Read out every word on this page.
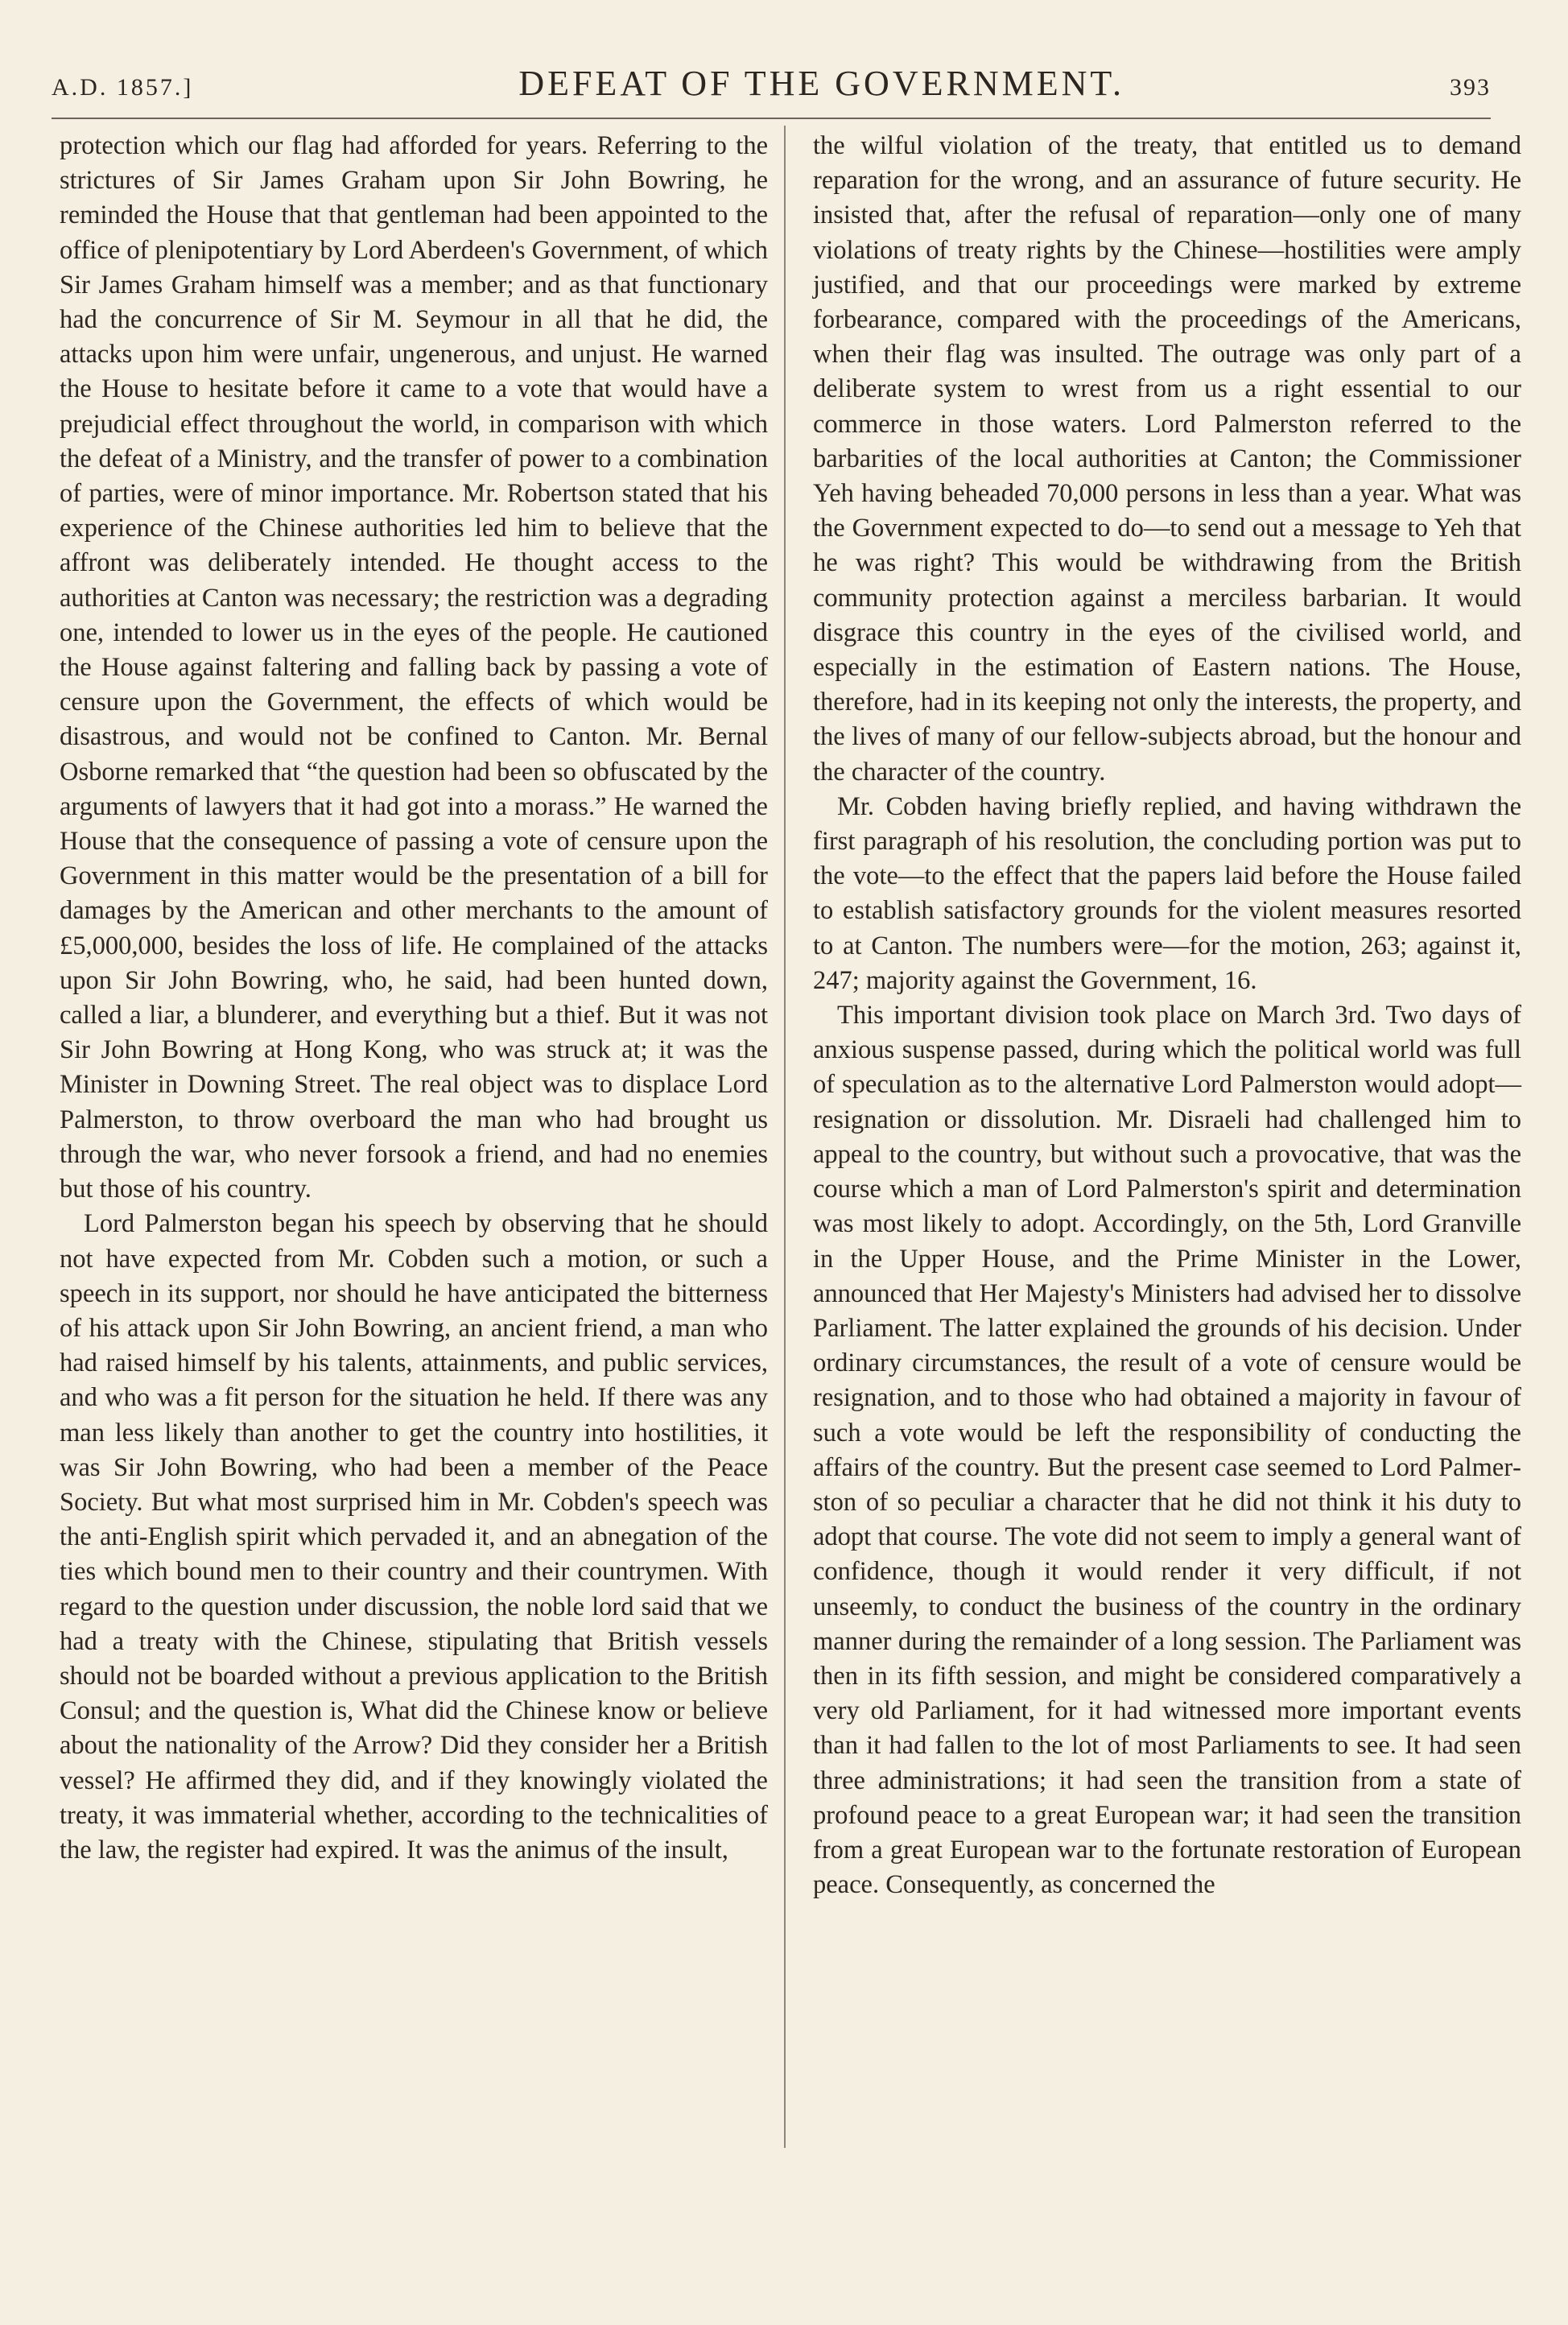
A.D. 1857.]	DEFEAT OF THE GOVERNMENT.	393

protection which our flag had afforded for years. Referring to the strictures of Sir James Graham upon Sir John Bowring, he reminded the House that that gentleman had been appointed to the office of plenipotentiary by Lord Aberdeen's Government, of which Sir James Graham himself was a member; and as that functionary had the concurrence of Sir M. Seymour in all that he did, the attacks upon him were unfair, ungenerous, and unjust. He warned the House to hesitate before it came to a vote that would have a prejudicial effect throughout the world, in comparison with which the defeat of a Ministry, and the transfer of power to a combination of parties, were of minor importance. Mr. Robertson stated that his experience of the Chinese authorities led him to believe that the affront was deliberately intended. He thought access to the authorities at Canton was necessary; the restriction was a degrading one, intended to lower us in the eyes of the people. He cautioned the House against faltering and falling back by passing a vote of censure upon the Government, the effects of which would be disastrous, and would not be confined to Canton. Mr. Bernal Osborne remarked that “the question had been so obfuscated by the arguments of lawyers that it had got into a morass.” He warned the House that the consequence of passing a vote of censure upon the Government in this matter would be the presentation of a bill for damages by the American and other merchants to the amount of £5,000,000, besides the loss of life. He complained of the attacks upon Sir John Bowring, who, he said, had been hunted down, called a liar, a blunderer, and everything but a thief. But it was not Sir John Bowring at Hong Kong, who was struck at; it was the Minister in Downing Street. The real object was to displace Lord Palmerston, to throw overboard the man who had brought us through the war, who never forsook a friend, and had no enemies but those of his country.

Lord Palmerston began his speech by observing that he should not have expected from Mr. Cobden such a motion, or such a speech in its support, nor should he have anticipated the bitterness of his attack upon Sir John Bowring, an ancient friend, a man who had raised himself by his talents, attainments, and public services, and who was a fit person for the situation he held. If there was any man less likely than another to get the country into hostilities, it was Sir John Bowring, who had been a member of the Peace Society. But what most surprised him in Mr. Cobden's speech was the anti-English spirit which pervaded it, and an abnegation of the ties which bound men to their country and their countrymen. With regard to the question under discussion, the noble lord said that we had a treaty with the Chinese, stipulating that British vessels should not be boarded without a previous application to the British Consul; and the question is, What did the Chinese know or believe about the nationality of the Arrow? Did they consider her a British vessel? He affirmed they did, and if they knowingly violated the treaty, it was immaterial whether, according to the technicalities of the law, the register had expired. It was the animus of the insult,

the wilful violation of the treaty, that entitled us to demand reparation for the wrong, and an assurance of future security. He insisted that, after the refusal of reparation—only one of many violations of treaty rights by the Chinese—hostilities were amply justified, and that our proceedings were marked by extreme forbearance, compared with the proceedings of the Americans, when their flag was insulted. The outrage was only part of a deliberate system to wrest from us a right essential to our commerce in those waters. Lord Palmerston referred to the barbarities of the local authorities at Canton; the Commissioner Yeh having beheaded 70,000 persons in less than a year. What was the Government expected to do—to send out a message to Yeh that he was right? This would be withdrawing from the British community protection against a merciless barbarian. It would disgrace this country in the eyes of the civilised world, and especially in the estimation of Eastern nations. The House, therefore, had in its keeping not only the interests, the property, and the lives of many of our fellow-subjects abroad, but the honour and the character of the country.

Mr. Cobden having briefly replied, and having withdrawn the first paragraph of his resolution, the concluding portion was put to the vote—to the effect that the papers laid before the House failed to establish satisfactory grounds for the violent measures resorted to at Canton. The numbers were—for the motion, 263; against it, 247; majority against the Government, 16.

This important division took place on March 3rd. Two days of anxious suspense passed, during which the political world was full of speculation as to the alternative Lord Palmerston would adopt—resignation or dissolution. Mr. Disraeli had challenged him to appeal to the country, but without such a provocative, that was the course which a man of Lord Palmerston's spirit and determination was most likely to adopt. Accordingly, on the 5th, Lord Granville in the Upper House, and the Prime Minister in the Lower, announced that Her Majesty's Ministers had advised her to dissolve Parliament. The latter explained the grounds of his decision. Under ordinary circumstances, the result of a vote of censure would be resignation, and to those who had obtained a majority in favour of such a vote would be left the responsibility of conducting the affairs of the country. But the present case seemed to Lord Palmerston of so peculiar a character that he did not think it his duty to adopt that course. The vote did not seem to imply a general want of confidence, though it would render it very difficult, if not unseemly, to conduct the business of the country in the ordinary manner during the remainder of a long session. The Parliament was then in its fifth session, and might be considered comparatively a very old Parliament, for it had witnessed more important events than it had fallen to the lot of most Parliaments to see. It had seen three administrations; it had seen the transition from a state of profound peace to a great European war; it had seen the transition from a great European war to the fortunate restoration of European peace. Consequently, as concerned the
